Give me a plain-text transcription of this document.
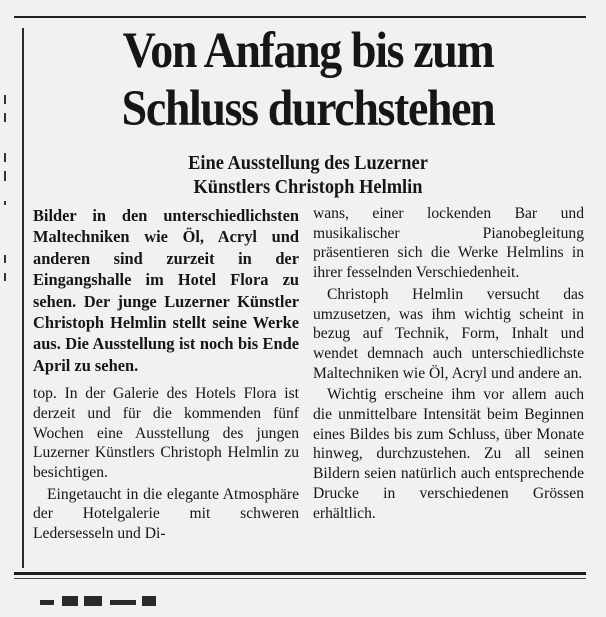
Von Anfang bis zum
Schluss durchstehen
Eine Ausstellung des Luzerner
Künstlers Christoph Helmlin

Bilder in den unterschiedlichsten Maltechniken wie Öl, Acryl und anderen sind zurzeit in der Eingangshalle im Hotel Flora zu sehen. Der junge Luzerner Künstler Christoph Helmlin stellt seine Werke aus. Die Ausstellung ist noch bis Ende April zu sehen.

top. In der Galerie des Hotels Flora ist derzeit und für die kommenden fünf Wochen eine Ausstellung des jungen Luzerner Künstlers Christoph Helmlin zu besichtigen.

Eingetaucht in die elegante Atmosphäre der Hotelgalerie mit schweren Ledersesseln und Di-

wans, einer lockenden Bar und musikalischer Pianobegleitung präsentieren sich die Werke Helmlins in ihrer fesselnden Verschiedenheit.

Christoph Helmlin versucht das umzusetzen, was ihm wichtig scheint in bezug auf Technik, Form, Inhalt und wendet demnach auch unterschiedlichste Maltechniken wie Öl, Acryl und andere an.

Wichtig erscheine ihm vor allem auch die unmittelbare Intensität beim Beginnen eines Bildes bis zum Schluss, über Monate hinweg, durchzustehen. Zu all seinen Bildern seien natürlich auch entsprechende Drucke in verschiedenen Grössen erhältlich.
